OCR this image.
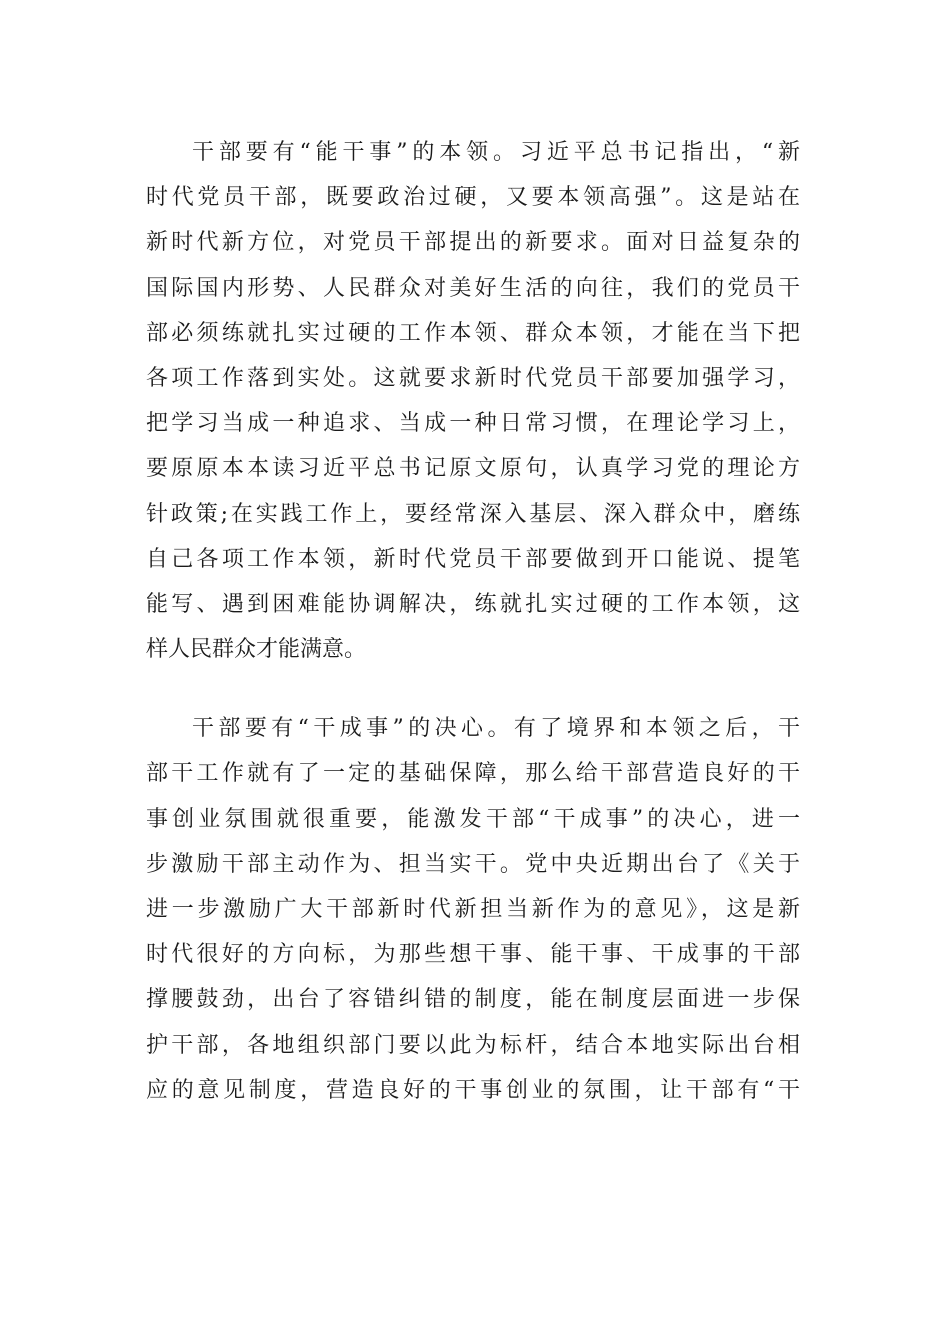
干部要有“能干事”的本领。习近平总书记指出，“新
时代党员干部，既要政治过硬，又要本领高强”。这是站在
新时代新方位，对党员干部提出的新要求。面对日益复杂的
国际国内形势、人民群众对美好生活的向往，我们的党员干
部必须练就扎实过硬的工作本领、群众本领，才能在当下把
各项工作落到实处。这就要求新时代党员干部要加强学习，
把学习当成一种追求、当成一种日常习惯，在理论学习上，
要原原本本读习近平总书记原文原句，认真学习党的理论方
针政策;在实践工作上，要经常深入基层、深入群众中，磨练
自己各项工作本领，新时代党员干部要做到开口能说、提笔
能写、遇到困难能协调解决，练就扎实过硬的工作本领，这
样人民群众才能满意。
干部要有“干成事”的决心。有了境界和本领之后，干
部干工作就有了一定的基础保障，那么给干部营造良好的干
事创业氛围就很重要，能激发干部“干成事”的决心，进一
步激励干部主动作为、担当实干。党中央近期出台了《关于
进一步激励广大干部新时代新担当新作为的意见》，这是新
时代很好的方向标，为那些想干事、能干事、干成事的干部
撑腰鼓劲，出台了容错纠错的制度，能在制度层面进一步保
护干部，各地组织部门要以此为标杆，结合本地实际出台相
应的意见制度，营造良好的干事创业的氛围，让干部有“干
